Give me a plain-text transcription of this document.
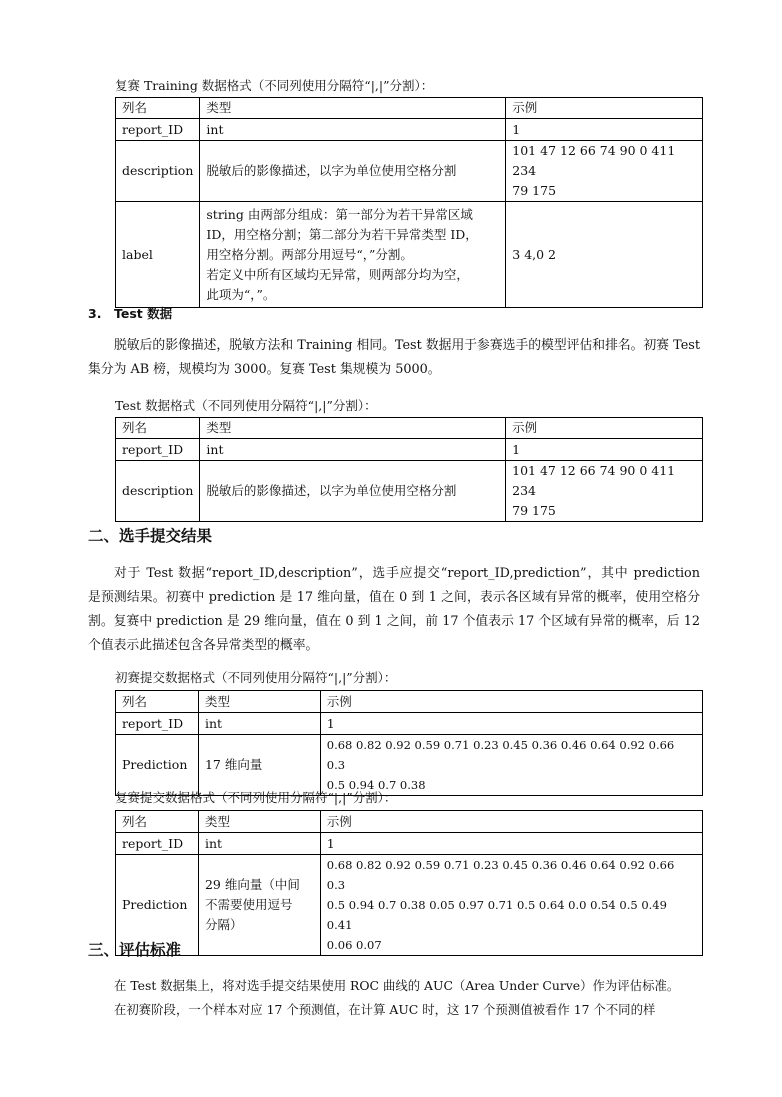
复赛 Training 数据格式（不同列使用分隔符“|,|”分割）：
列名	类型	示例
report_ID	int	1
description	脱敏后的影像描述，以字为单位使用空格分割	101 47 12 66 74 90 0 411 234
79 175

label	string 由两部分组成：第一部分为若干异常区域
ID，用空格分割；第二部分为若干异常类型 ID，
用空格分割。两部分用逗号“，”分割。
若定义中所有区域均无异常，则两部分均为空，
此项为“，”。	3 4,0 2
3. Test 数据

脱敏后的影像描述，脱敏方法和 Training 相同。Test 数据用于参赛选手的模型评估和排名。初赛 Test 集分为 AB 榜，规模均为 3000。复赛 Test 集规模为 5000。

Test 数据格式（不同列使用分隔符“|,|”分割）：
列名	类型	示例
report_ID	int	1
description	脱敏后的影像描述，以字为单位使用空格分割	101 47 12 66 74 90 0 411 234
79 175
二、选手提交结果

对于 Test 数据“report_ID,description”，选手应提交“report_ID,prediction”，其中 prediction 是预测结果。初赛中 prediction 是 17 维向量，值在 0 到 1 之间，表示各区域有异常的概率，使用空格分割。复赛中 prediction 是 29 维向量，值在 0 到 1 之间，前 17 个值表示 17 个区域有异常的概率，后 12 个值表示此描述包含各异常类型的概率。

初赛提交数据格式（不同列使用分隔符“|,|”分割）：
列名	类型	示例
report_ID	int	1
Prediction	17 维向量	0.68 0.82 0.92 0.59 0.71 0.23 0.45 0.36 0.46 0.64 0.92 0.66 0.3
0.5 0.94 0.7 0.38
复赛提交数据格式（不同列使用分隔符“|,|”分割）：
列名	类型	示例
report_ID	int	1
Prediction	29 维向量（中间
不需要使用逗号
分隔）	0.68 0.82 0.92 0.59 0.71 0.23 0.45 0.36 0.46 0.64 0.92 0.66 0.3
0.5 0.94 0.7 0.38 0.05 0.97 0.71 0.5 0.64 0.0 0.54 0.5 0.49 0.41
0.06 0.07
三、评估标准

在 Test 数据集上，将对选手提交结果使用 ROC 曲线的 AUC（Area Under Curve）作为评估标准。

在初赛阶段，一个样本对应 17 个预测值，在计算 AUC 时，这 17 个预测值被看作 17 个不同的样
